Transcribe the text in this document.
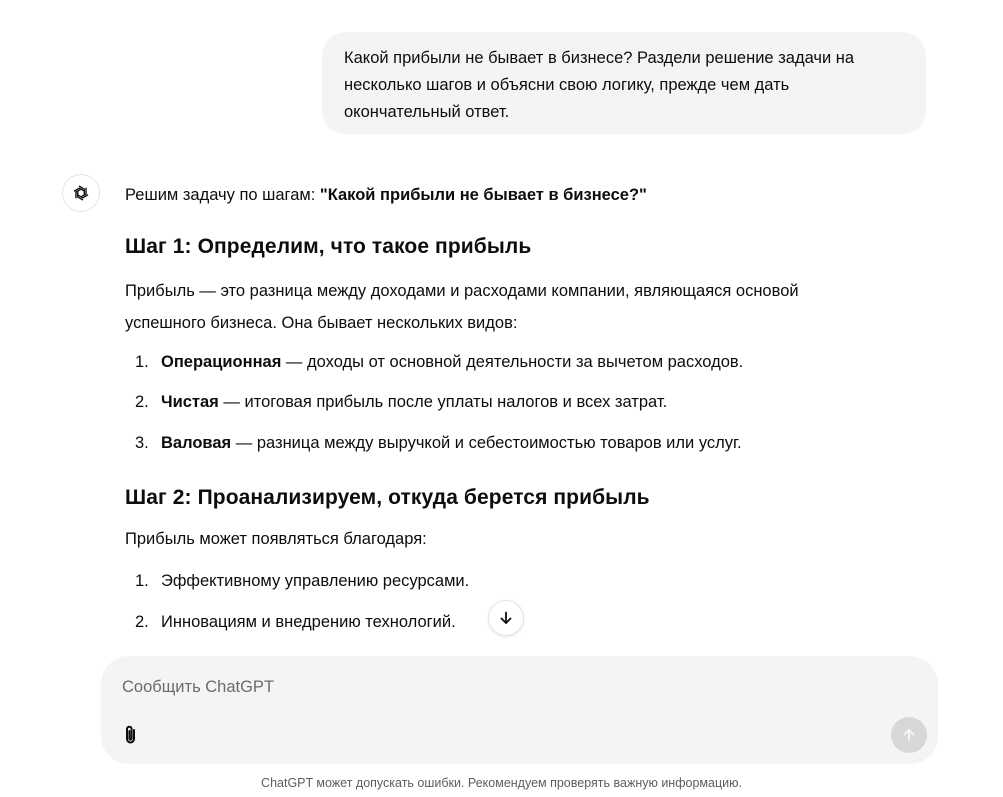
Какой прибыли не бывает в бизнесе? Раздели решение задачи на несколько шагов и объясни свою логику, прежде чем дать окончательный ответ.
Решим задачу по шагам: "Какой прибыли не бывает в бизнесе?"
Шаг 1: Определим, что такое прибыль
Прибыль — это разница между доходами и расходами компании, являющаяся основой
успешного бизнеса. Она бывает нескольких видов:
1. Операционная — доходы от основной деятельности за вычетом расходов.
2. Чистая — итоговая прибыль после уплаты налогов и всех затрат.
3. Валовая — разница между выручкой и себестоимостью товаров или услуг.
Шаг 2: Проанализируем, откуда берется прибыль
Прибыль может появляться благодаря:
1. Эффективному управлению ресурсами.
2. Инновациям и внедрению технологий.
Сообщить ChatGPT
ChatGPT может допускать ошибки. Рекомендуем проверять важную информацию.
